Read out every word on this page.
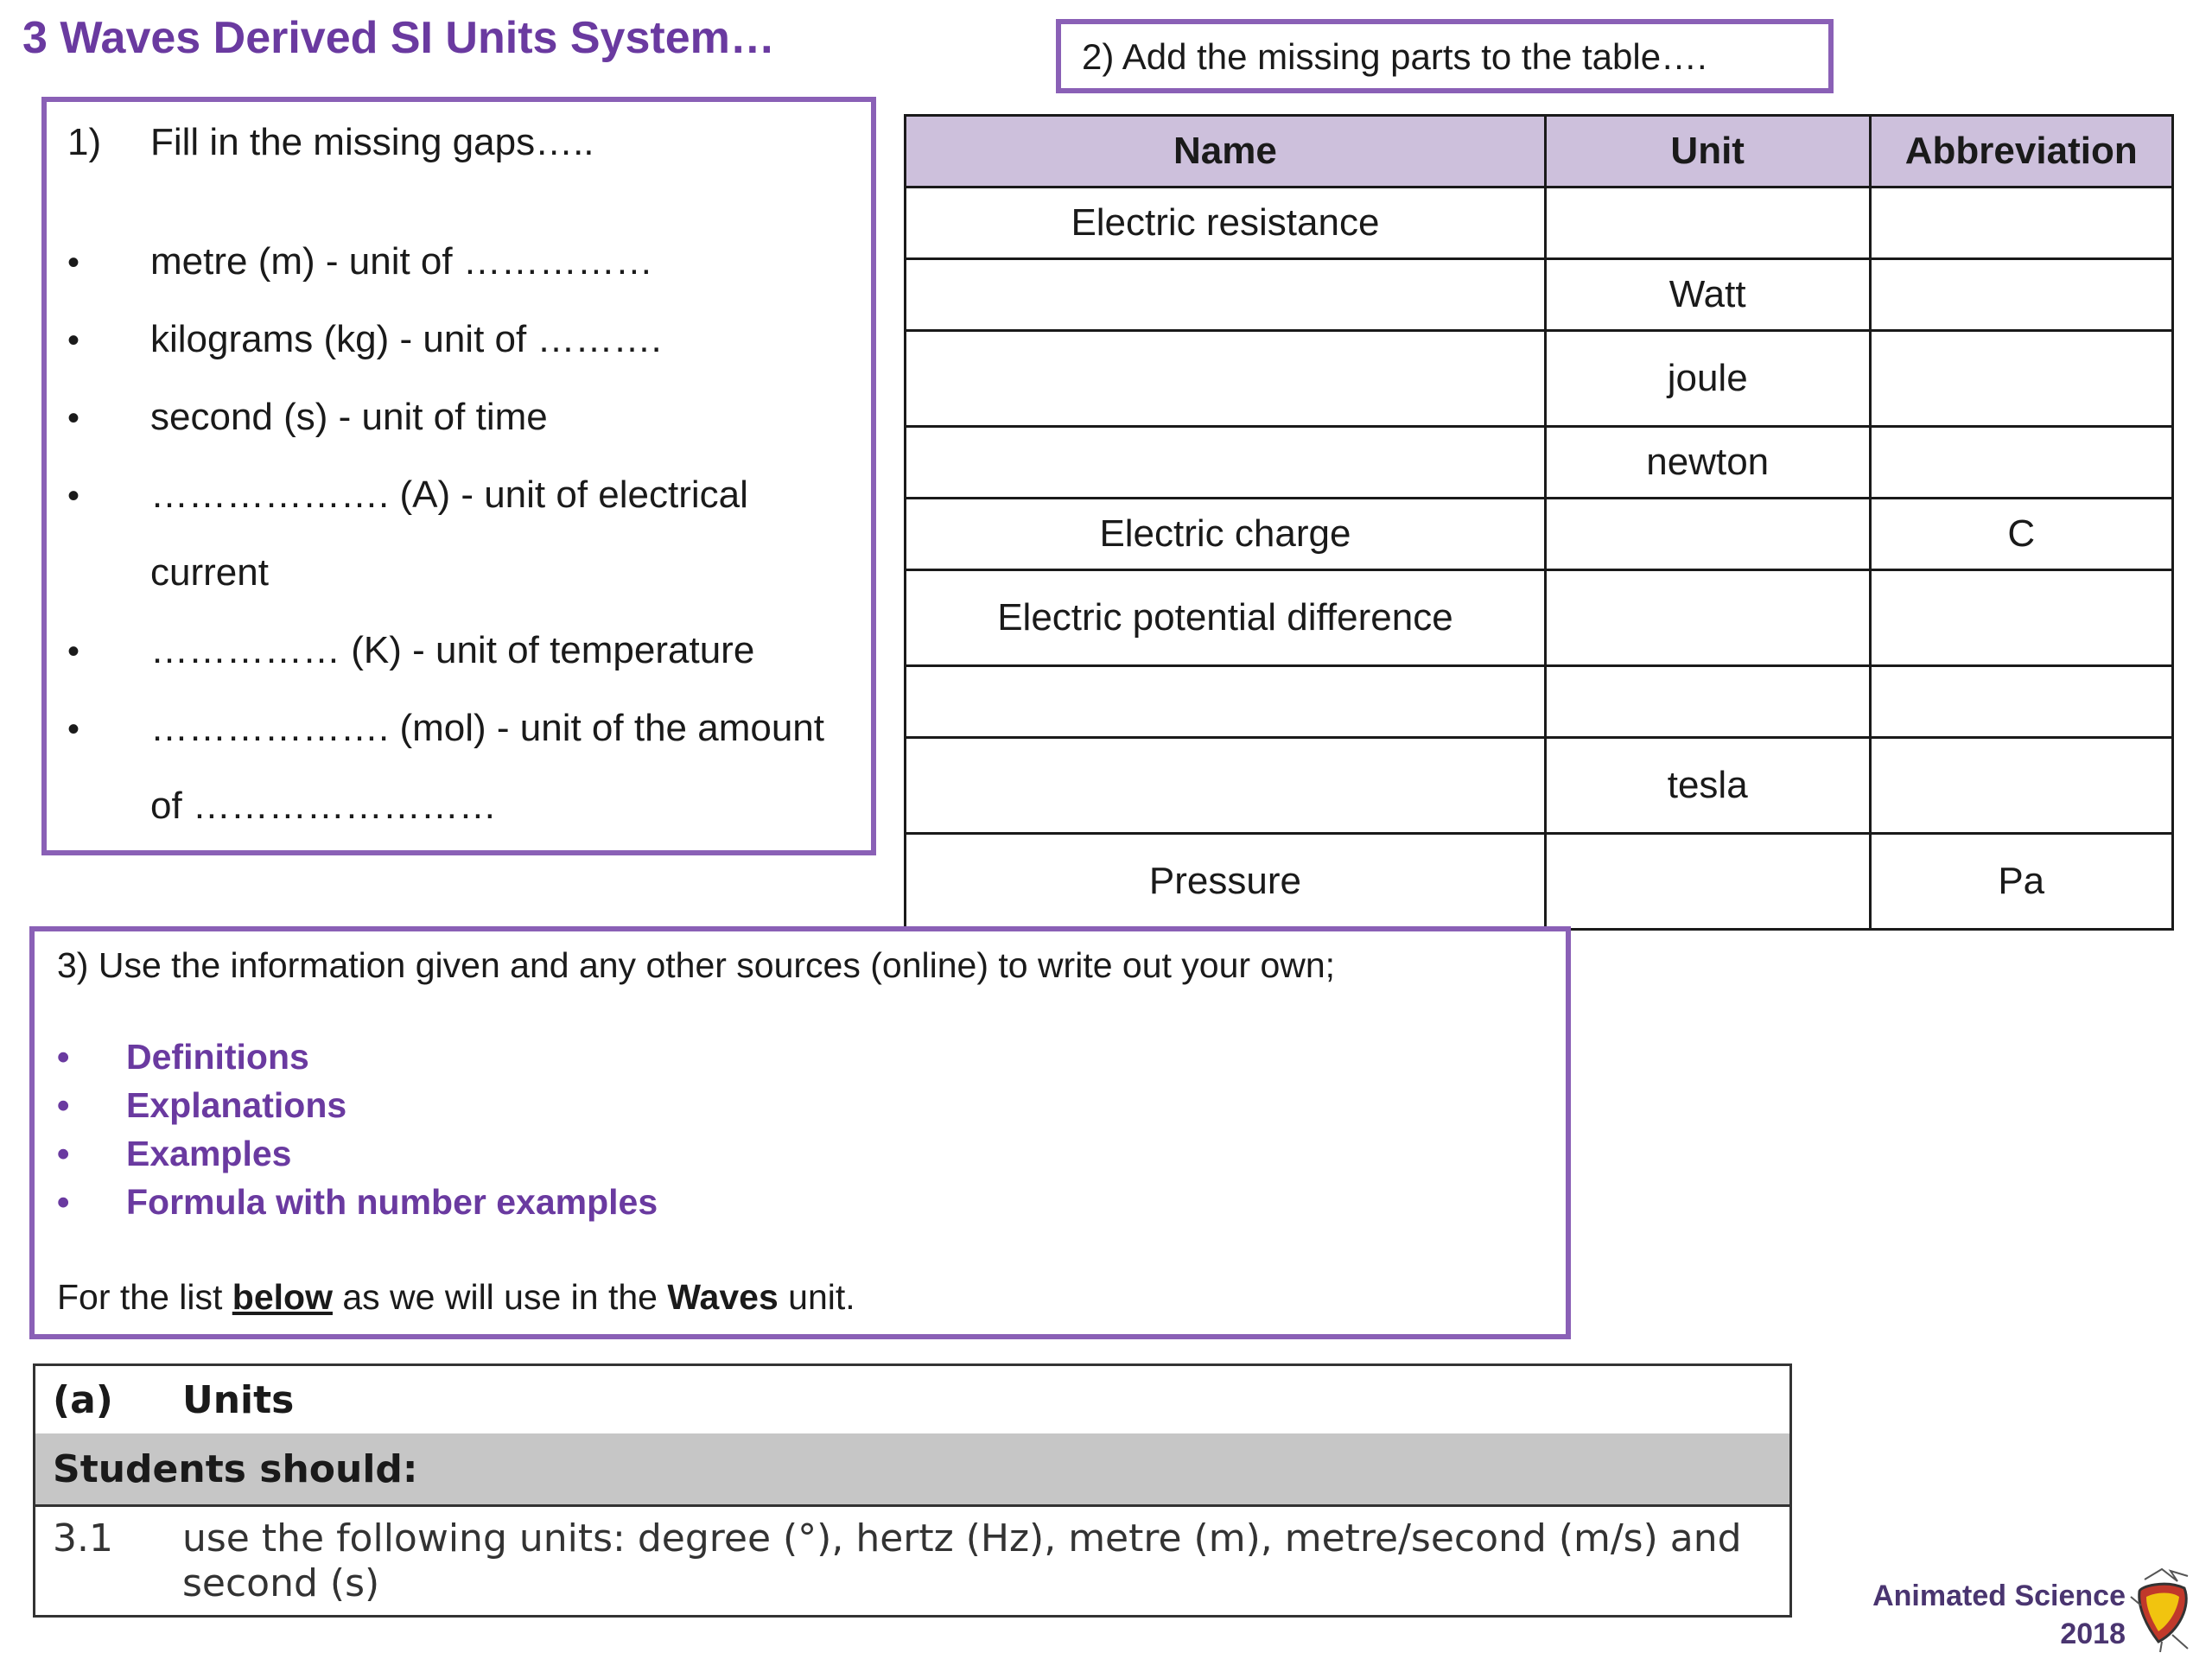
3 Waves Derived SI Units System…
1) Fill in the missing gaps…..
• metre (m) - unit of ……………
• kilograms (kg) - unit of ……….
• second (s) - unit of time
• ………………. (A) - unit of electrical
current
• …………… (K) - unit of temperature
• ………………. (mol) - unit of the amount
of ……………………
2) Add the missing parts to the table….
Name	Unit	Abbreviation
Electric resistance		
	Watt	
	joule	
	newton	
Electric charge		C
Electric potential difference		

	tesla	
Pressure		Pa
3) Use the information given and any other sources (online) to write out your own;
• Definitions
• Explanations
• Examples
• Formula with number examples
For the list below as we will use in the Waves unit.
(a) Units
Students should:
3.1 use the following units: degree (°), hertz (Hz), metre (m), metre/second (m/s) and second (s)	Animated Science
2018
